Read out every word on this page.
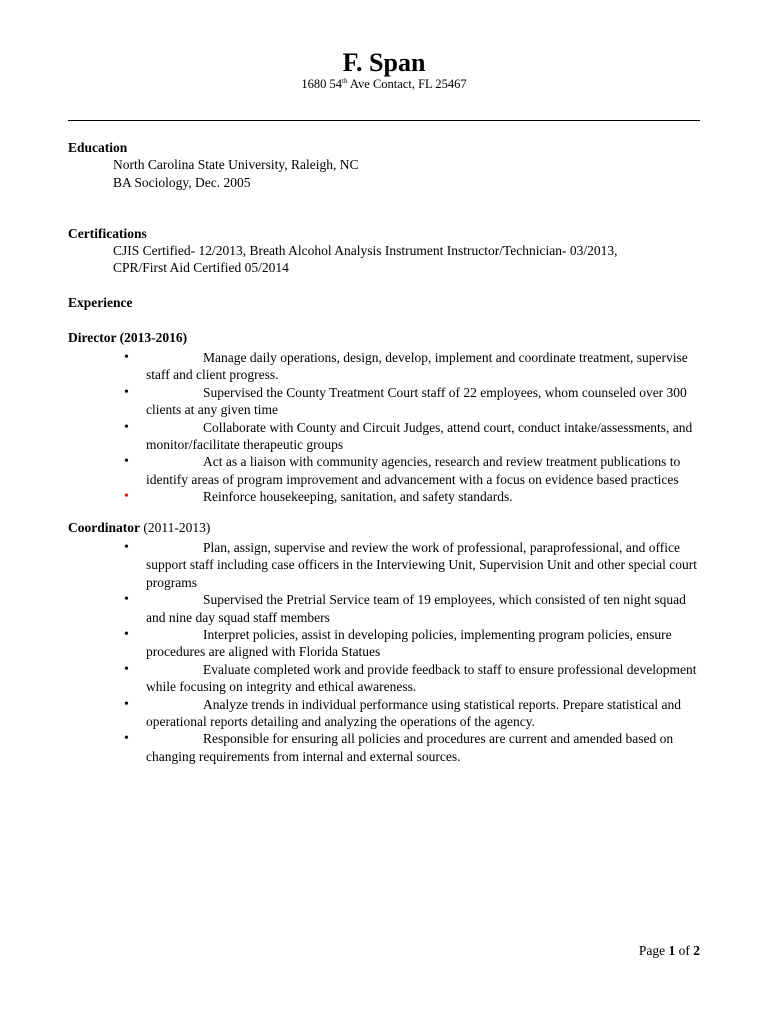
F. Span
1680 54th Ave Contact, FL 25467
Education
North Carolina State University, Raleigh, NC
BA Sociology, Dec. 2005
Certifications
CJIS Certified- 12/2013, Breath Alcohol Analysis Instrument Instructor/Technician- 03/2013,
CPR/First Aid Certified 05/2014
Experience
Director (2013-2016)
•	Manage daily operations, design, develop, implement and coordinate treatment, supervise staff and client progress.
•	Supervised the County Treatment Court staff of 22 employees, whom counseled over 300 clients at any given time
•	Collaborate with County and Circuit Judges, attend court, conduct intake/assessments, and monitor/facilitate therapeutic groups
•	Act as a liaison with community agencies, research and review treatment publications to identify areas of program improvement and advancement with a focus on evidence based practices
•	Reinforce housekeeping, sanitation, and safety standards.
Coordinator (2011-2013)
•	Plan, assign, supervise and review the work of professional, paraprofessional, and office support staff including case officers in the Interviewing Unit, Supervision Unit and other special court programs
•	Supervised the Pretrial Service team of 19 employees, which consisted of ten night squad and nine day squad staff members
•	Interpret policies, assist in developing policies, implementing program policies, ensure procedures are aligned with Florida Statues
•	Evaluate completed work and provide feedback to staff to ensure professional development while focusing on integrity and ethical awareness.
•	Analyze trends in individual performance using statistical reports. Prepare statistical and operational reports detailing and analyzing the operations of the agency.
•	Responsible for ensuring all policies and procedures are current and amended based on changing requirements from internal and external sources.
Page 1 of 2
